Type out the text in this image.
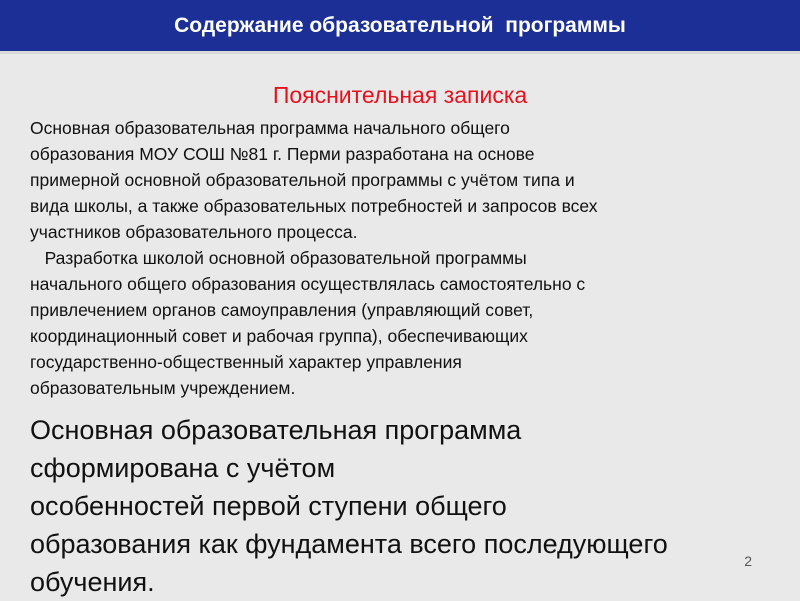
Содержание образовательной  программы
Пояснительная записка
Основная образовательная программа начального общего
образования МОУ СОШ №81 г. Перми разработана на основе
примерной основной образовательной программы с учётом типа и
вида школы, а также образовательных потребностей и запросов всех
участников образовательного процесса.
Разработка школой основной образовательной программы
начального общего образования осуществлялась самостоятельно с
привлечением органов самоуправления (управляющий совет,
координационный совет и рабочая группа), обеспечивающих
государственно-общественный характер управления
образовательным учреждением.
Основная образовательная программа
сформирована с учётом
особенностей первой ступени общего
образования как фундамента всего последующего
обучения.
2
